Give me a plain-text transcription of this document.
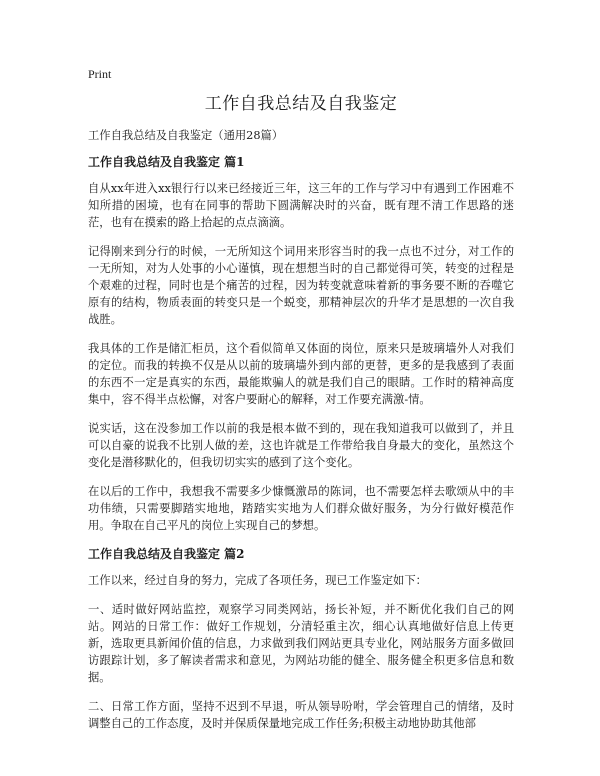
Print
工作自我总结及自我鉴定
工作自我总结及自我鉴定（通用28篇）
工作自我总结及自我鉴定 篇1

自从xx年进入xx银行行以来已经接近三年，这三年的工作与学习中有遇到工作困难不知所措的困境，也有在同事的帮助下圆满解决时的兴奋，既有理不清工作思路的迷茫，也有在摸索的路上拾起的点点滴滴。

记得刚来到分行的时候，一无所知这个词用来形容当时的我一点也不过分，对工作的一无所知，对为人处事的小心谨慎，现在想想当时的自己都觉得可笑，转变的过程是个艰难的过程，同时也是个痛苦的过程，因为转变就意味着新的事务要不断的吞噬它原有的结构，物质表面的转变只是一个蜕变，那精神层次的升华才是思想的一次自我战胜。

我具体的工作是储汇柜员，这个看似简单又体面的岗位，原来只是玻璃墙外人对我们的定位。而我的转换不仅是从以前的玻璃墙外到内部的更替，更多的是我感到了表面的东西不一定是真实的东西，最能欺骗人的就是我们自己的眼睛。工作时的精神高度集中，容不得半点松懈，对客户要耐心的解释，对工作要充满激-情。

说实话，这在没参加工作以前的我是根本做不到的，现在我知道我可以做到了，并且可以自豪的说我不比别人做的差，这也许就是工作带给我自身最大的变化，虽然这个变化是潜移默化的，但我切切实实的感到了这个变化。

在以后的工作中，我想我不需要多少慷慨激昂的陈词，也不需要怎样去歌颂从中的丰功伟绩，只需要脚踏实地地，踏踏实实地为人们群众做好服务，为分行做好模范作用。争取在自己平凡的岗位上实现自己的梦想。

工作自我总结及自我鉴定 篇2

工作以来，经过自身的努力，完成了各项任务，现已工作鉴定如下：

一、适时做好网站监控，观察学习同类网站，扬长补短，并不断优化我们自己的网站。网站的日常工作：做好工作规划，分清轻重主次，细心认真地做好信息上传更新，选取更具新闻价值的信息，力求做到我们网站更具专业化，网站服务方面多做回访跟踪计划，多了解读者需求和意见，为网站功能的健全、服务健全积更多信息和数据。

二、日常工作方面，坚持不迟到不早退，听从领导吩咐，学会管理自己的情绪，及时调整自己的工作态度，及时并保质保量地完成工作任务;积极主动地协助其他部
